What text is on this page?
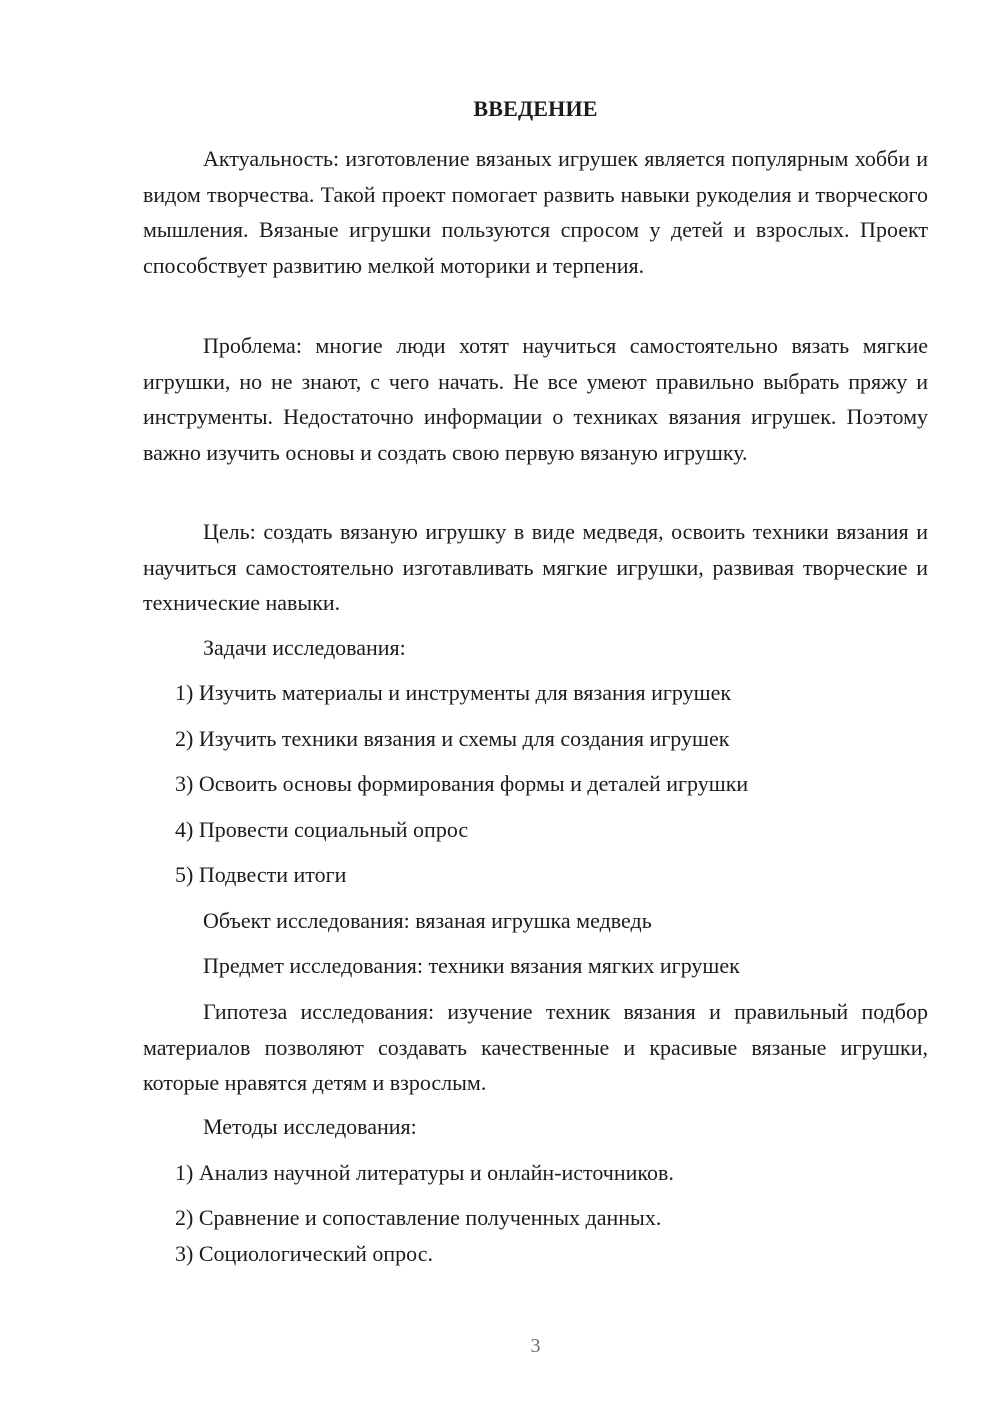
ВВЕДЕНИЕ

Актуальность: изготовление вязаных игрушек является популярным хобби и видом творчества. Такой проект помогает развить навыки рукоделия и творческого мышления. Вязаные игрушки пользуются спросом у детей и взрослых. Проект способствует развитию мелкой моторики и терпения.

Проблема: многие люди хотят научиться самостоятельно вязать мягкие игрушки, но не знают, с чего начать. Не все умеют правильно выбрать пряжу и инструменты. Недостаточно информации о техниках вязания игрушек. Поэтому важно изучить основы и создать свою первую вязаную игрушку.

Цель: создать вязаную игрушку в виде медведя, освоить техники вязания и научиться самостоятельно изготавливать мягкие игрушки, развивая творческие и технические навыки.

Задачи исследования:

1) Изучить материалы и инструменты для вязания игрушек

2) Изучить техники вязания и схемы для создания игрушек

3) Освоить основы формирования формы и деталей игрушки

4) Провести социальный опрос

5) Подвести итоги

Объект исследования: вязаная игрушка медведь

Предмет исследования: техники вязания мягких игрушек

Гипотеза исследования: изучение техник вязания и правильный подбор материалов позволяют создавать качественные и красивые вязаные игрушки, которые нравятся детям и взрослым.

Методы исследования:

1) Анализ научной литературы и онлайн-источников.

2) Сравнение и сопоставление полученных данных.

3) Социологический опрос.

3
